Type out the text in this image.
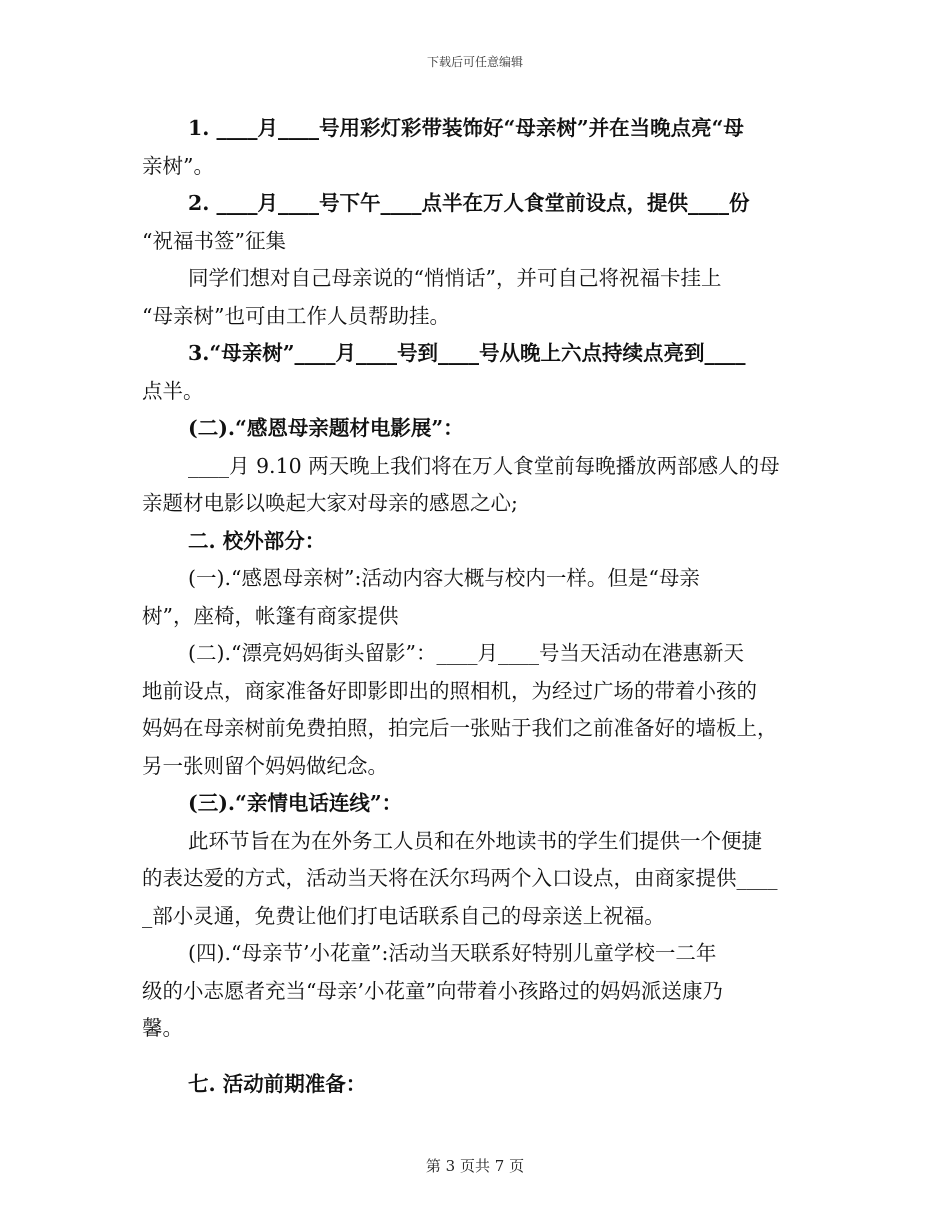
下载后可任意编辑

1. ____月____号用彩灯彩带装饰好“母亲树”并在当晚点亮“母

亲树”。

2. ____月____号下午____点半在万人食堂前设点，提供____份

“祝福书签”征集

同学们想对自己母亲说的“悄悄话”，并可自己将祝福卡挂上

“母亲树”也可由工作人员帮助挂。

3.“母亲树”____月____号到____号从晚上六点持续点亮到____

点半。

(二).“感恩母亲题材电影展”：

____月 9.10 两天晚上我们将在万人食堂前每晚播放两部感人的母

亲题材电影以唤起大家对母亲的感恩之心;

二. 校外部分：

(一).“感恩母亲树”:活动内容大概与校内一样。但是“母亲

树”，座椅，帐篷有商家提供

(二).“漂亮妈妈街头留影”：____月____号当天活动在港惠新天

地前设点，商家准备好即影即出的照相机，为经过广场的带着小孩的

妈妈在母亲树前免费拍照，拍完后一张贴于我们之前准备好的墙板上，

另一张则留个妈妈做纪念。

(三).“亲情电话连线”：

此环节旨在为在外务工人员和在外地读书的学生们提供一个便捷

的表达爱的方式，活动当天将在沃尔玛两个入口设点，由商家提供____

_部小灵通，免费让他们打电话联系自己的母亲送上祝福。

(四).“母亲节’小花童”:活动当天联系好特别儿童学校一二年

级的小志愿者充当“母亲’小花童”向带着小孩路过的妈妈派送康乃

馨。

七. 活动前期准备：

第 3 页共 7 页
